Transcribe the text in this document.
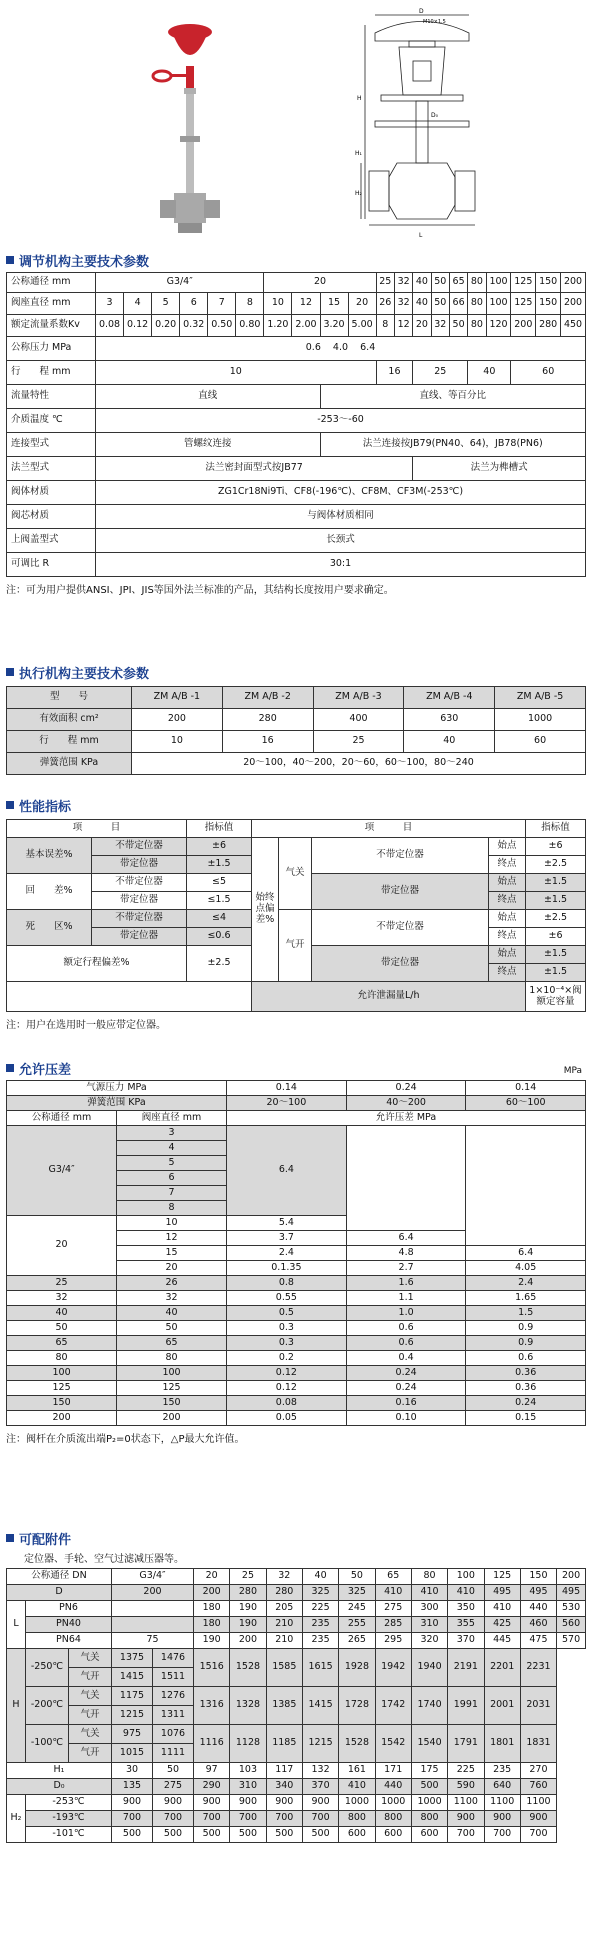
D
M10×1.5
H
D₀
H₁
H₂
L
调节机构主要技术参数
公称通径 mm	G3/4″						20				25	32	40	50	65	80	100	125	150	200
阀座直径 mm	3	4	5	6	7	8	10	12	15	20	26	32	40	50	66	80	100	125	150	200
额定流量系数Kv	0.08	0.12	0.20	0.32	0.50	0.80	1.20	2.00	3.20	5.00	8	12	20	32	50	80	120	200	280	450
公称压力 MPa	0.6    4.0    6.4																			
行　　程 mm	10										16		25			40		60		
流量特性	直线								直线、等百分比											
介质温度 ℃	-253～-60																			
连接型式	管螺纹连接								法兰连接按JB79(PN40、64)，JB78(PN6)											
法兰型式	法兰密封面型式按JB77												法兰为榫槽式							
阀体材质	ZG1Cr18Ni9Ti、CF8(-196℃)、CF8M、CF3M(-253℃)																			
阀芯材质	与阀体材质相同																			
上阀盖型式	长颈式																			
可调比 R	30:1																			
注：可为用户提供ANSI、JPI、JIS等国外法兰标准的产品，其结构长度按用户要求确定。
执行机构主要技术参数
型　　号	ZM A/B -1	ZM A/B -2	ZM A/B -3	ZM A/B -4	ZM A/B -5
有效面积 cm²	200	280	400	630	1000
行　　程 mm	10	16	25	40	60
弹簧范围 KPa	20～100，40～200，20～60，60～100，80～240				
性能指标
项　　　目		指标值	项　　　目				指标值
基本误差%	不带定位器	±6	始终点偏差%	气关	不带定位器	始点	±6
	带定位器	±1.5				终点	±2.5
回　　差%	不带定位器	≤5			带定位器	始点	±1.5
	带定位器	≤1.5				终点	±1.5
死　　区%	不带定位器	≤4		气开	不带定位器	始点	±2.5
	带定位器	≤0.6				终点	±6
额定行程偏差%		±2.5			带定位器	始点	±1.5
						终点	±1.5
			允许泄漏量L/h				1×10⁻⁴×阀额定容量
注：用户在选用时一般应带定位器。
允许压差	MPa
气源压力 MPa		0.14	0.24	0.14
弹簧范围 KPa		20～100	40～200	60～100
公称通径 mm	阀座直径 mm	允许压差 MPa		
G3/4″	3	6.4		
	4			
	5			
	6			
	7			
	8			
20	10	5.4		
	12	3.7	6.4	
	15	2.4	4.8	6.4
	20	0.1.35	2.7	4.05
25	26	0.8	1.6	2.4
32	32	0.55	1.1	1.65
40	40	0.5	1.0	1.5
50	50	0.3	0.6	0.9
65	65	0.3	0.6	0.9
80	80	0.2	0.4	0.6
100	100	0.12	0.24	0.36
125	125	0.12	0.24	0.36
150	150	0.08	0.16	0.24
200	200	0.05	0.10	0.15
注：阀杆在介质流出端P₂=0状态下，△P最大允许值。
可配附件
定位器、手轮、空气过滤减压器等。
公称通径 DN			G3/4″		20	25	32	40	50	65	80	100	125	150	200
D			200		200	280	280	325	325	410	410	410	495	495	495
L	PN6				180	190	205	225	245	275	300	350	410	440	530
	PN40				180	190	210	235	255	285	310	355	425	460	560
	PN64		75		190	200	210	235	265	295	320	370	445	475	570
H	-250℃	气关	1375	1476	1516	1528	1585	1615	1928	1942	1940	2191	2201	2231	
		气开	1415	1511											
	-200℃	气关	1175	1276	1316	1328	1385	1415	1728	1742	1740	1991	2001	2031	
		气开	1215	1311											
	-100℃	气关	975	1076	1116	1128	1185	1215	1528	1542	1540	1791	1801	1831	
		气开	1015	1111											
H₁			30	50	97	103	117	132	161	171	175	225	235	270	
D₀			135	275	290	310	340	370	410	440	500	590	640	760	
H₂	-253℃		900	900	900	900	900	900	1000	1000	1000	1100	1100	1100	
	-193℃		700	700	700	700	700	700	800	800	800	900	900	900	
	-101℃		500	500	500	500	500	500	600	600	600	700	700	700	
